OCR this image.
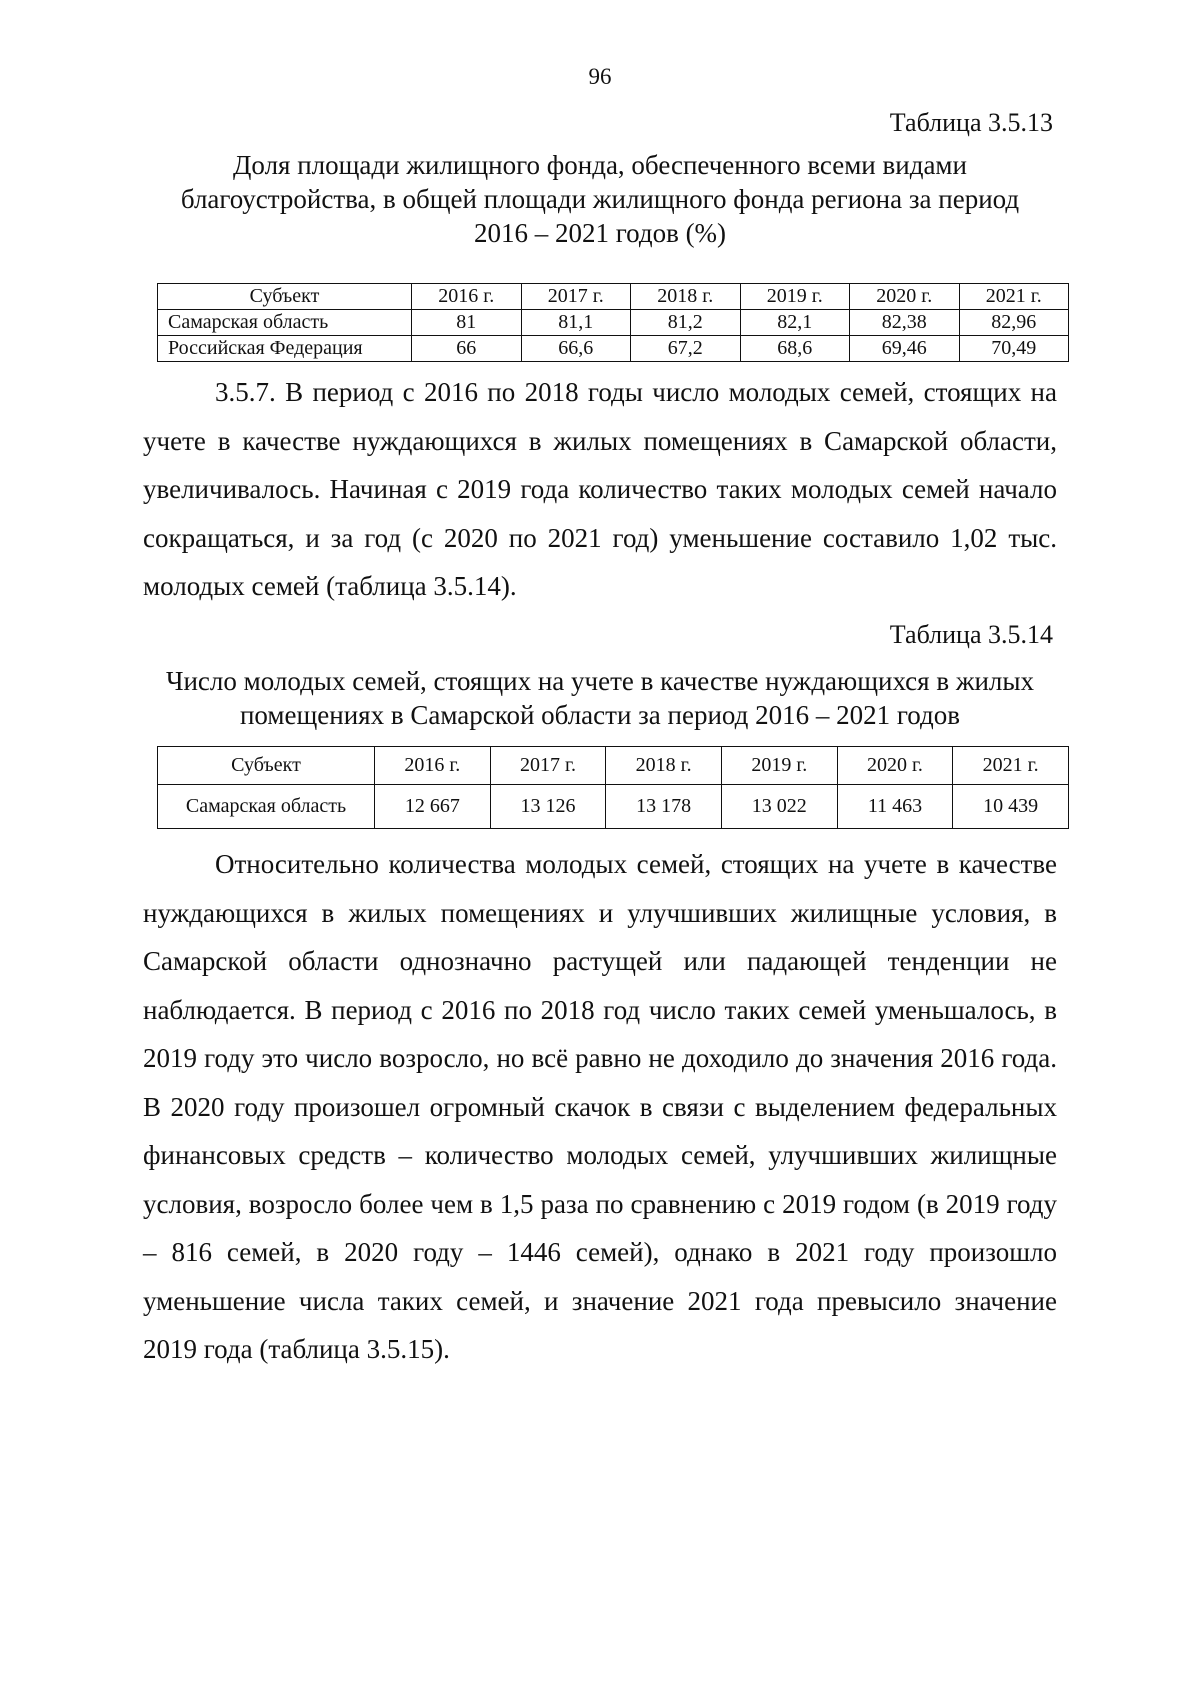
96
Таблица 3.5.13
Доля площади жилищного фонда, обеспеченного всеми видами
благоустройства, в общей площади жилищного фонда региона за период
2016 – 2021 годов (%)
Субъект	2016 г.	2017 г.	2018 г.	2019 г.	2020 г.	2021 г.
Самарская область	81	81,1	81,2	82,1	82,38	82,96
Российская Федерация	66	66,6	67,2	68,6	69,46	70,49

3.5.7. В период с 2016 по 2018 годы число молодых семей, стоящих на учете в качестве нуждающихся в жилых помещениях в Самарской области, увеличивалось. Начиная с 2019 года количество таких молодых семей начало сокращаться, и за год (с 2020 по 2021 год) уменьшение составило 1,02 тыс. молодых семей (таблица 3.5.14).

Таблица 3.5.14
Число молодых семей, стоящих на учете в качестве нуждающихся в жилых
помещениях в Самарской области за период 2016 – 2021 годов
Субъект	2016 г.	2017 г.	2018 г.	2019 г.	2020 г.	2021 г.
Самарская область	12 667	13 126	13 178	13 022	11 463	10 439

Относительно количества молодых семей, стоящих на учете в качестве нуждающихся в жилых помещениях и улучшивших жилищные условия, в Самарской области однозначно растущей или падающей тенденции не наблюдается. В период с 2016 по 2018 год число таких семей уменьшалось, в 2019 году это число возросло, но всё равно не доходило до значения 2016 года. В 2020 году произошел огромный скачок в связи с выделением федеральных финансовых средств – количество молодых семей, улучшивших жилищные условия, возросло более чем в 1,5 раза по сравнению с 2019 годом (в 2019 году – 816 семей, в 2020 году – 1446 семей), однако в 2021 году произошло уменьшение числа таких семей, и значение 2021 года превысило значение 2019 года (таблица 3.5.15).
